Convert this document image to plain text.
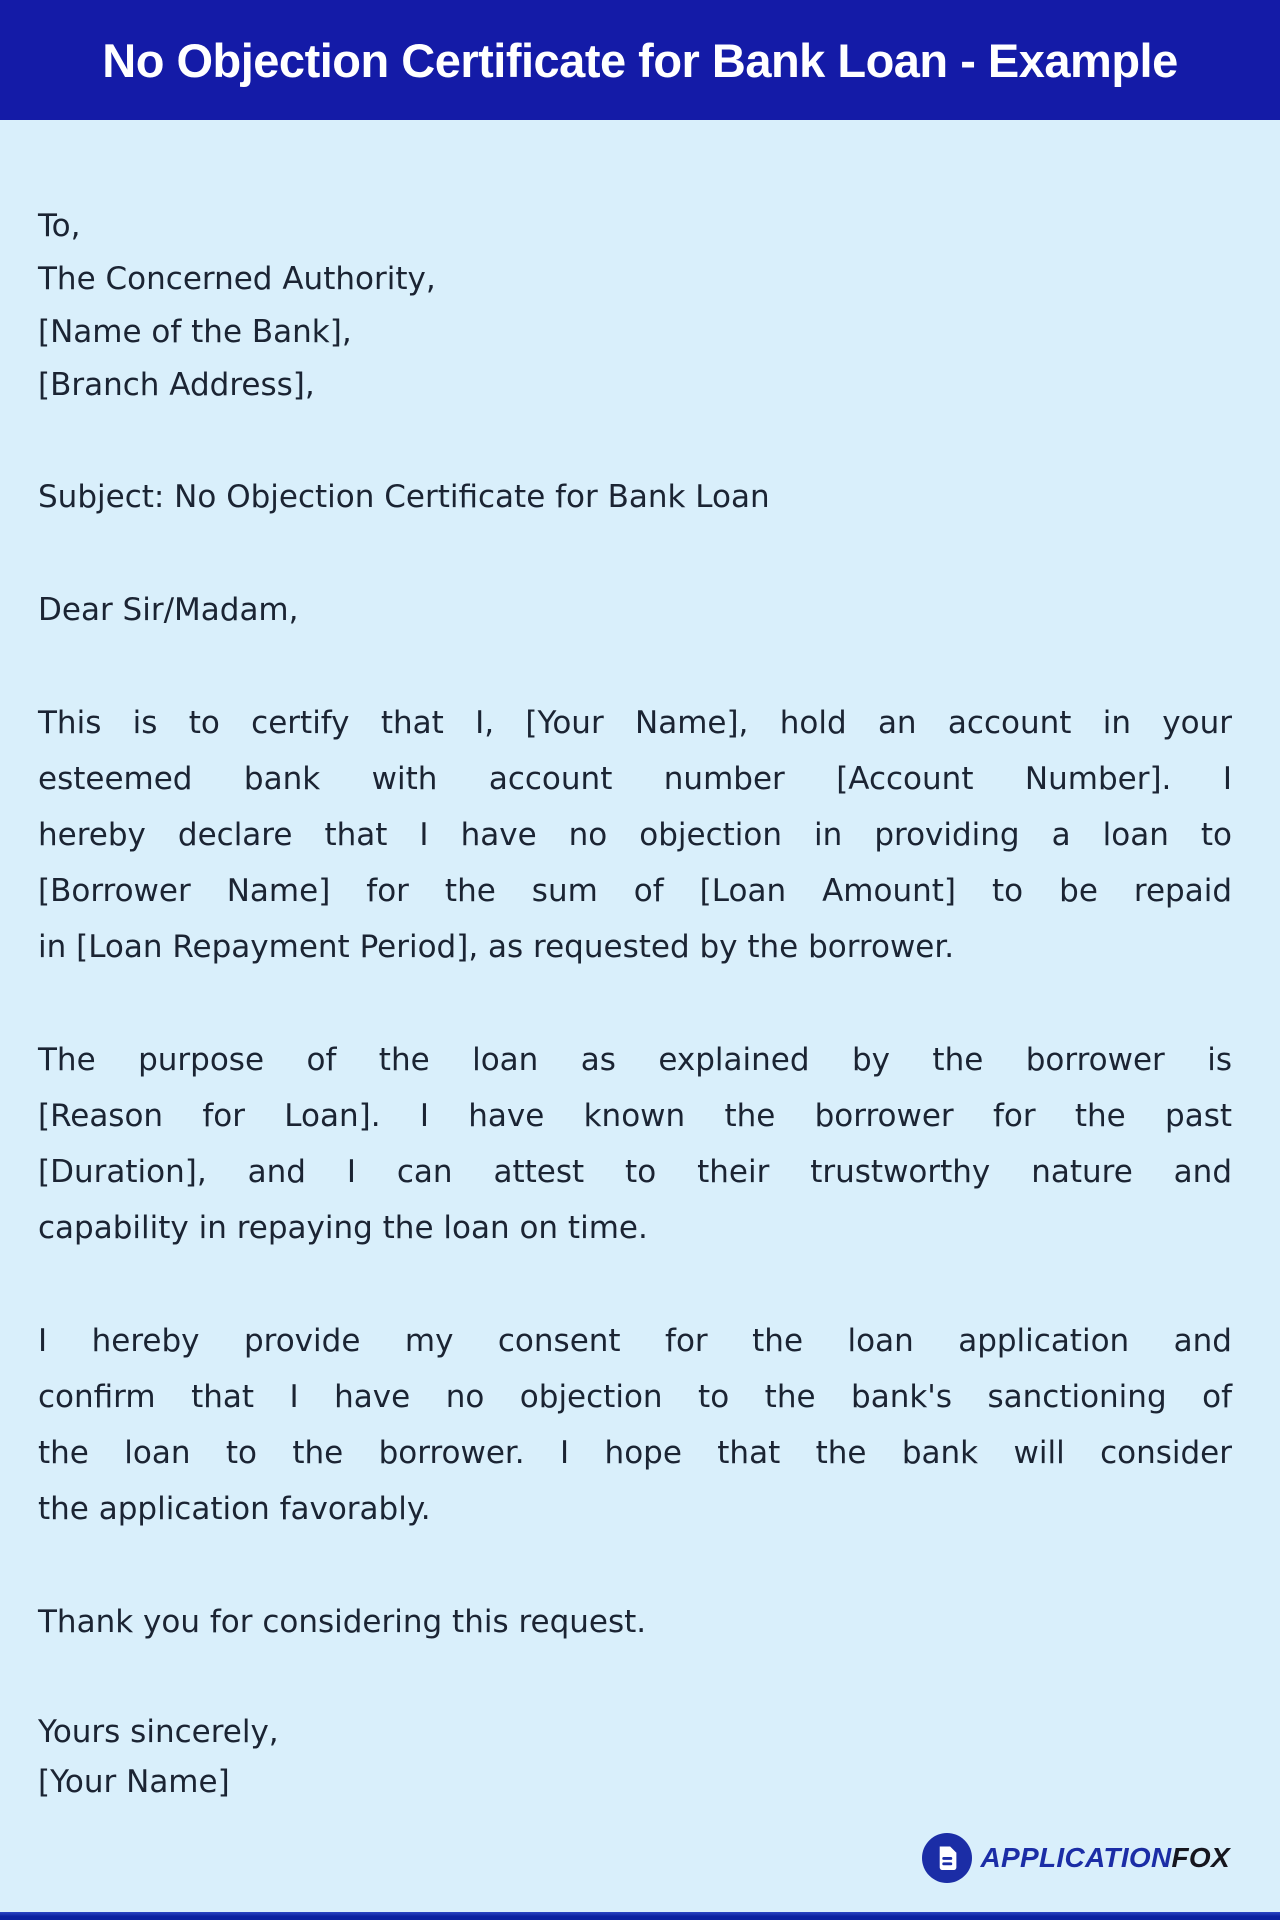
No Objection Certificate for Bank Loan - Example
To,
The Concerned Authority,
[Name of the Bank],
[Branch Address],
Subject: No Objection Certificate for Bank Loan
Dear Sir/Madam,
This is to certify that I, [Your Name], hold an account in your
esteemed bank with account number [Account Number]. I
hereby declare that I have no objection in providing a loan to
[Borrower Name] for the sum of [Loan Amount] to be repaid
in [Loan Repayment Period], as requested by the borrower.
The purpose of the loan as explained by the borrower is
[Reason for Loan]. I have known the borrower for the past
[Duration], and I can attest to their trustworthy nature and
capability in repaying the loan on time.
I hereby provide my consent for the loan application and
confirm that I have no objection to the bank's sanctioning of
the loan to the borrower. I hope that the bank will consider
the application favorably.
Thank you for considering this request.
Yours sincerely,
[Your Name]
APPLICATIONFOX
